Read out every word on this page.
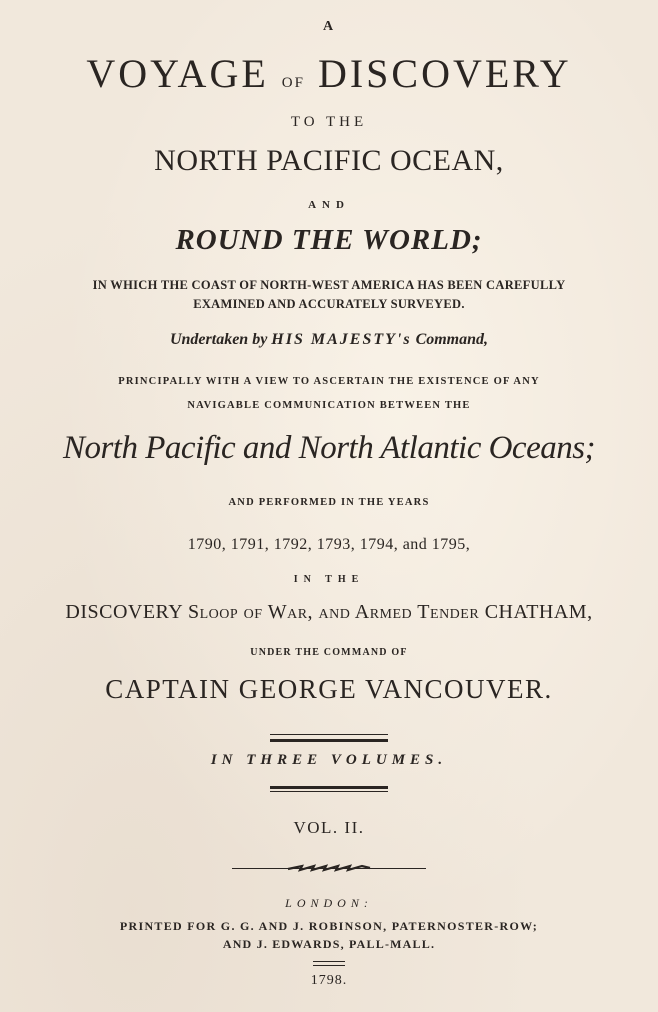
A
VOYAGE of DISCOVERY
TO THE
NORTH PACIFIC OCEAN,
AND
ROUND THE WORLD;
IN WHICH THE COAST OF NORTH-WEST AMERICA HAS BEEN CAREFULLY
EXAMINED AND ACCURATELY SURVEYED.
Undertaken by HIS MAJESTY's Command,
PRINCIPALLY WITH A VIEW TO ASCERTAIN THE EXISTENCE OF ANY
NAVIGABLE COMMUNICATION BETWEEN THE
North Pacific and North Atlantic Oceans;
AND PERFORMED IN THE YEARS
1790, 1791, 1792, 1793, 1794, and 1795,
IN THE
DISCOVERY Sloop of War, and Armed Tender CHATHAM,
UNDER THE COMMAND OF
CAPTAIN GEORGE VANCOUVER.
IN THREE VOLUMES.
VOL. II.
LONDON:
PRINTED FOR G. G. AND J. ROBINSON, PATERNOSTER-ROW;
AND J. EDWARDS, PALL-MALL.
1798.
